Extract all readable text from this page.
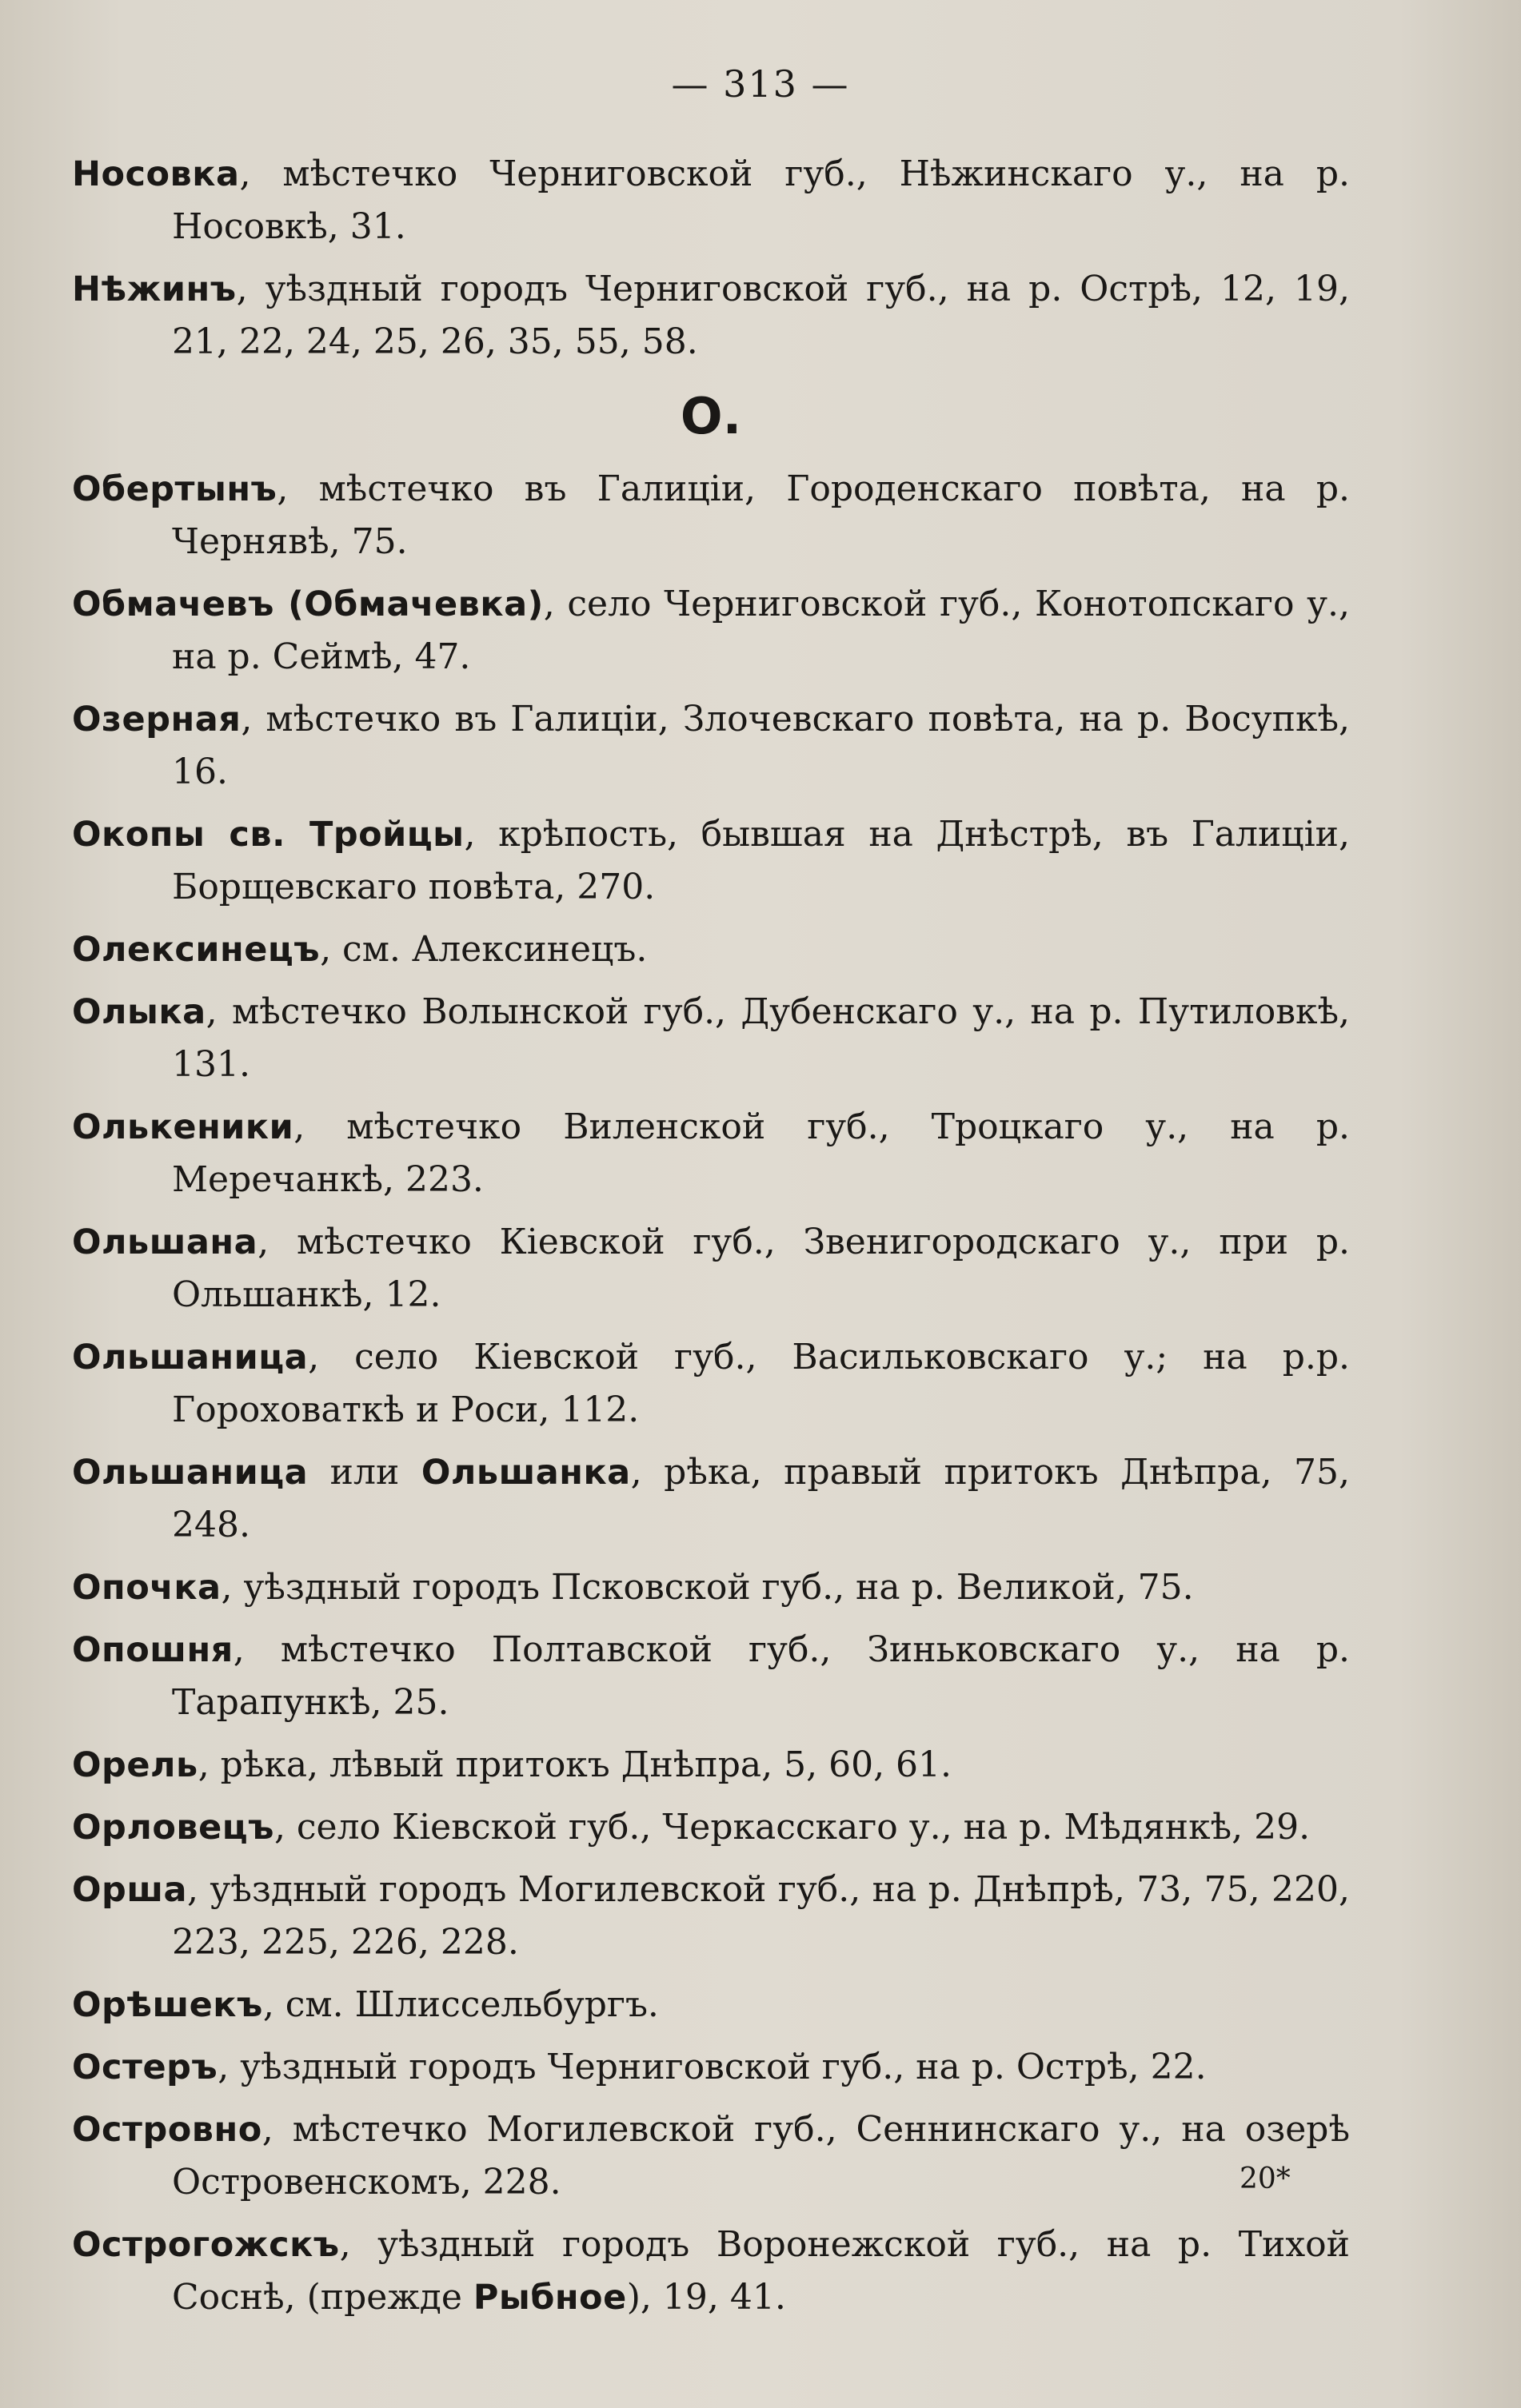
— 313 —
Носовка, мѣстечко Черниговской губ., Нѣжинскаго у., на р. Носовкѣ, 31.
Нѣжинъ, уѣздный городъ Черниговской губ., на р. Острѣ, 12, 19, 21, 22, 24, 25, 26, 35, 55, 58.
О.
Обертынъ, мѣстечко въ Галиціи, Городенскаго повѣта, на р. Чернявѣ, 75.
Обмачевъ (Обмачевка), село Черниговской губ., Конотопскаго у., на р. Сеймѣ, 47.
Озерная, мѣстечко въ Галиціи, Злочевскаго повѣта, на р. Восупкѣ, 16.
Окопы св. Тройцы, крѣпость, бывшая на Днѣстрѣ, въ Галиціи, Борщевскаго повѣта, 270.
Олексинецъ, см. Алексинецъ.
Олыка, мѣстечко Волынской губ., Дубенскаго у., на р. Путиловкѣ, 131.
Олькеники, мѣстечко Виленской губ., Троцкаго у., на р. Меречанкѣ, 223.
Ольшана, мѣстечко Кіевской губ., Звенигородскаго у., при р. Ольшанкѣ, 12.
Ольшаница, село Кіевской губ., Васильковскаго у.; на р.р. Гороховаткѣ и Роси, 112.
Ольшаница или Ольшанка, рѣка, правый притокъ Днѣпра, 75, 248.
Опочка, уѣздный городъ Псковской губ., на р. Великой, 75.
Опошня, мѣстечко Полтавской губ., Зиньковскаго у., на р. Тарапункѣ, 25.
Орель, рѣка, лѣвый притокъ Днѣпра, 5, 60, 61.
Орловецъ, село Кіевской губ., Черкасскаго у., на р. Мѣдянкѣ, 29.
Орша, уѣздный городъ Могилевской губ., на р. Днѣпрѣ, 73, 75, 220, 223, 225, 226, 228.
Орѣшекъ, см. Шлиссельбургъ.
Остеръ, уѣздный городъ Черниговской губ., на р. Острѣ, 22.
Островно, мѣстечко Могилевской губ., Сеннинскаго у., на озерѣ Островенскомъ, 228.
Острогожскъ, уѣздный городъ Воронежской губ., на р. Тихой Соснѣ, (прежде Рыбное), 19, 41.
20*
